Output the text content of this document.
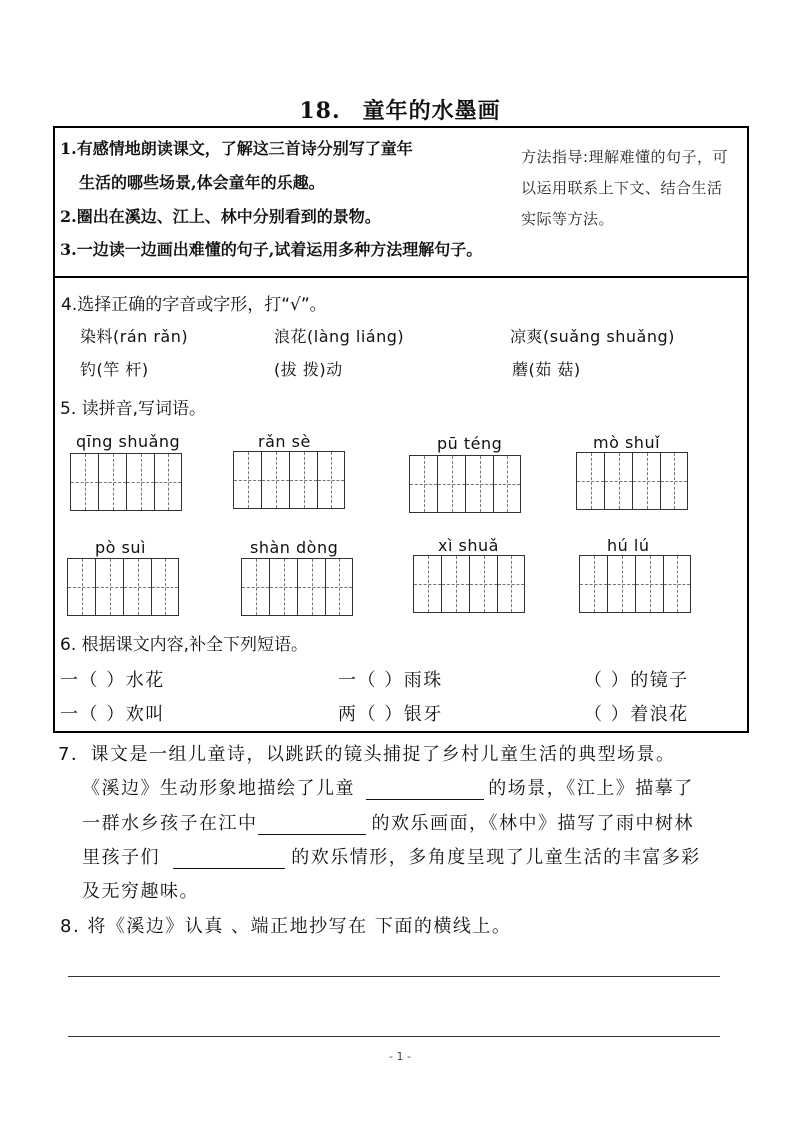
18. 童年的水墨画
1.有感情地朗读课文，了解这三首诗分别写了童年
生活的哪些场景,体会童年的乐趣。
2.圈出在溪边、江上、林中分别看到的景物。
3.一边读一边画出难懂的句子,试着运用多种方法理解句子。
方法指导:理解难懂的句子，可以运用联系上下文、结合生活实际等方法。
4.选择正确的字音或字形，打“√”。
染料(rán rǎn)	浪花(làng liáng)	凉爽(suǎng shuǎng)
钓(竿 杆)	(拔 拨)动	蘑(茹 菇)
5. 读拼音,写词语。
qīng shuǎng	rǎn sè	pū téng	mò shuǐ
pò suì	shàn dòng	xì shuǎ	hú lú
6. 根据课文内容,补全下列短语。
一（ ）水花	一（ ）雨珠	（ ）的镜子
一（ ）欢叫	两（ ）银牙	（ ）着浪花
7．课文是一组儿童诗，以跳跃的镜头捕捉了乡村儿童生活的典型场景。
《溪边》生动形象地描绘了儿童	的场景，《江上》描摹了
一群水乡孩子在江中	的欢乐画面，《林中》描写了雨中树林
里孩子们	的欢乐情形，多角度呈现了儿童生活的丰富多彩
及无穷趣味。
8. 将《溪边》认真 、端正地抄写在 下面的横线上。
- 1 -
